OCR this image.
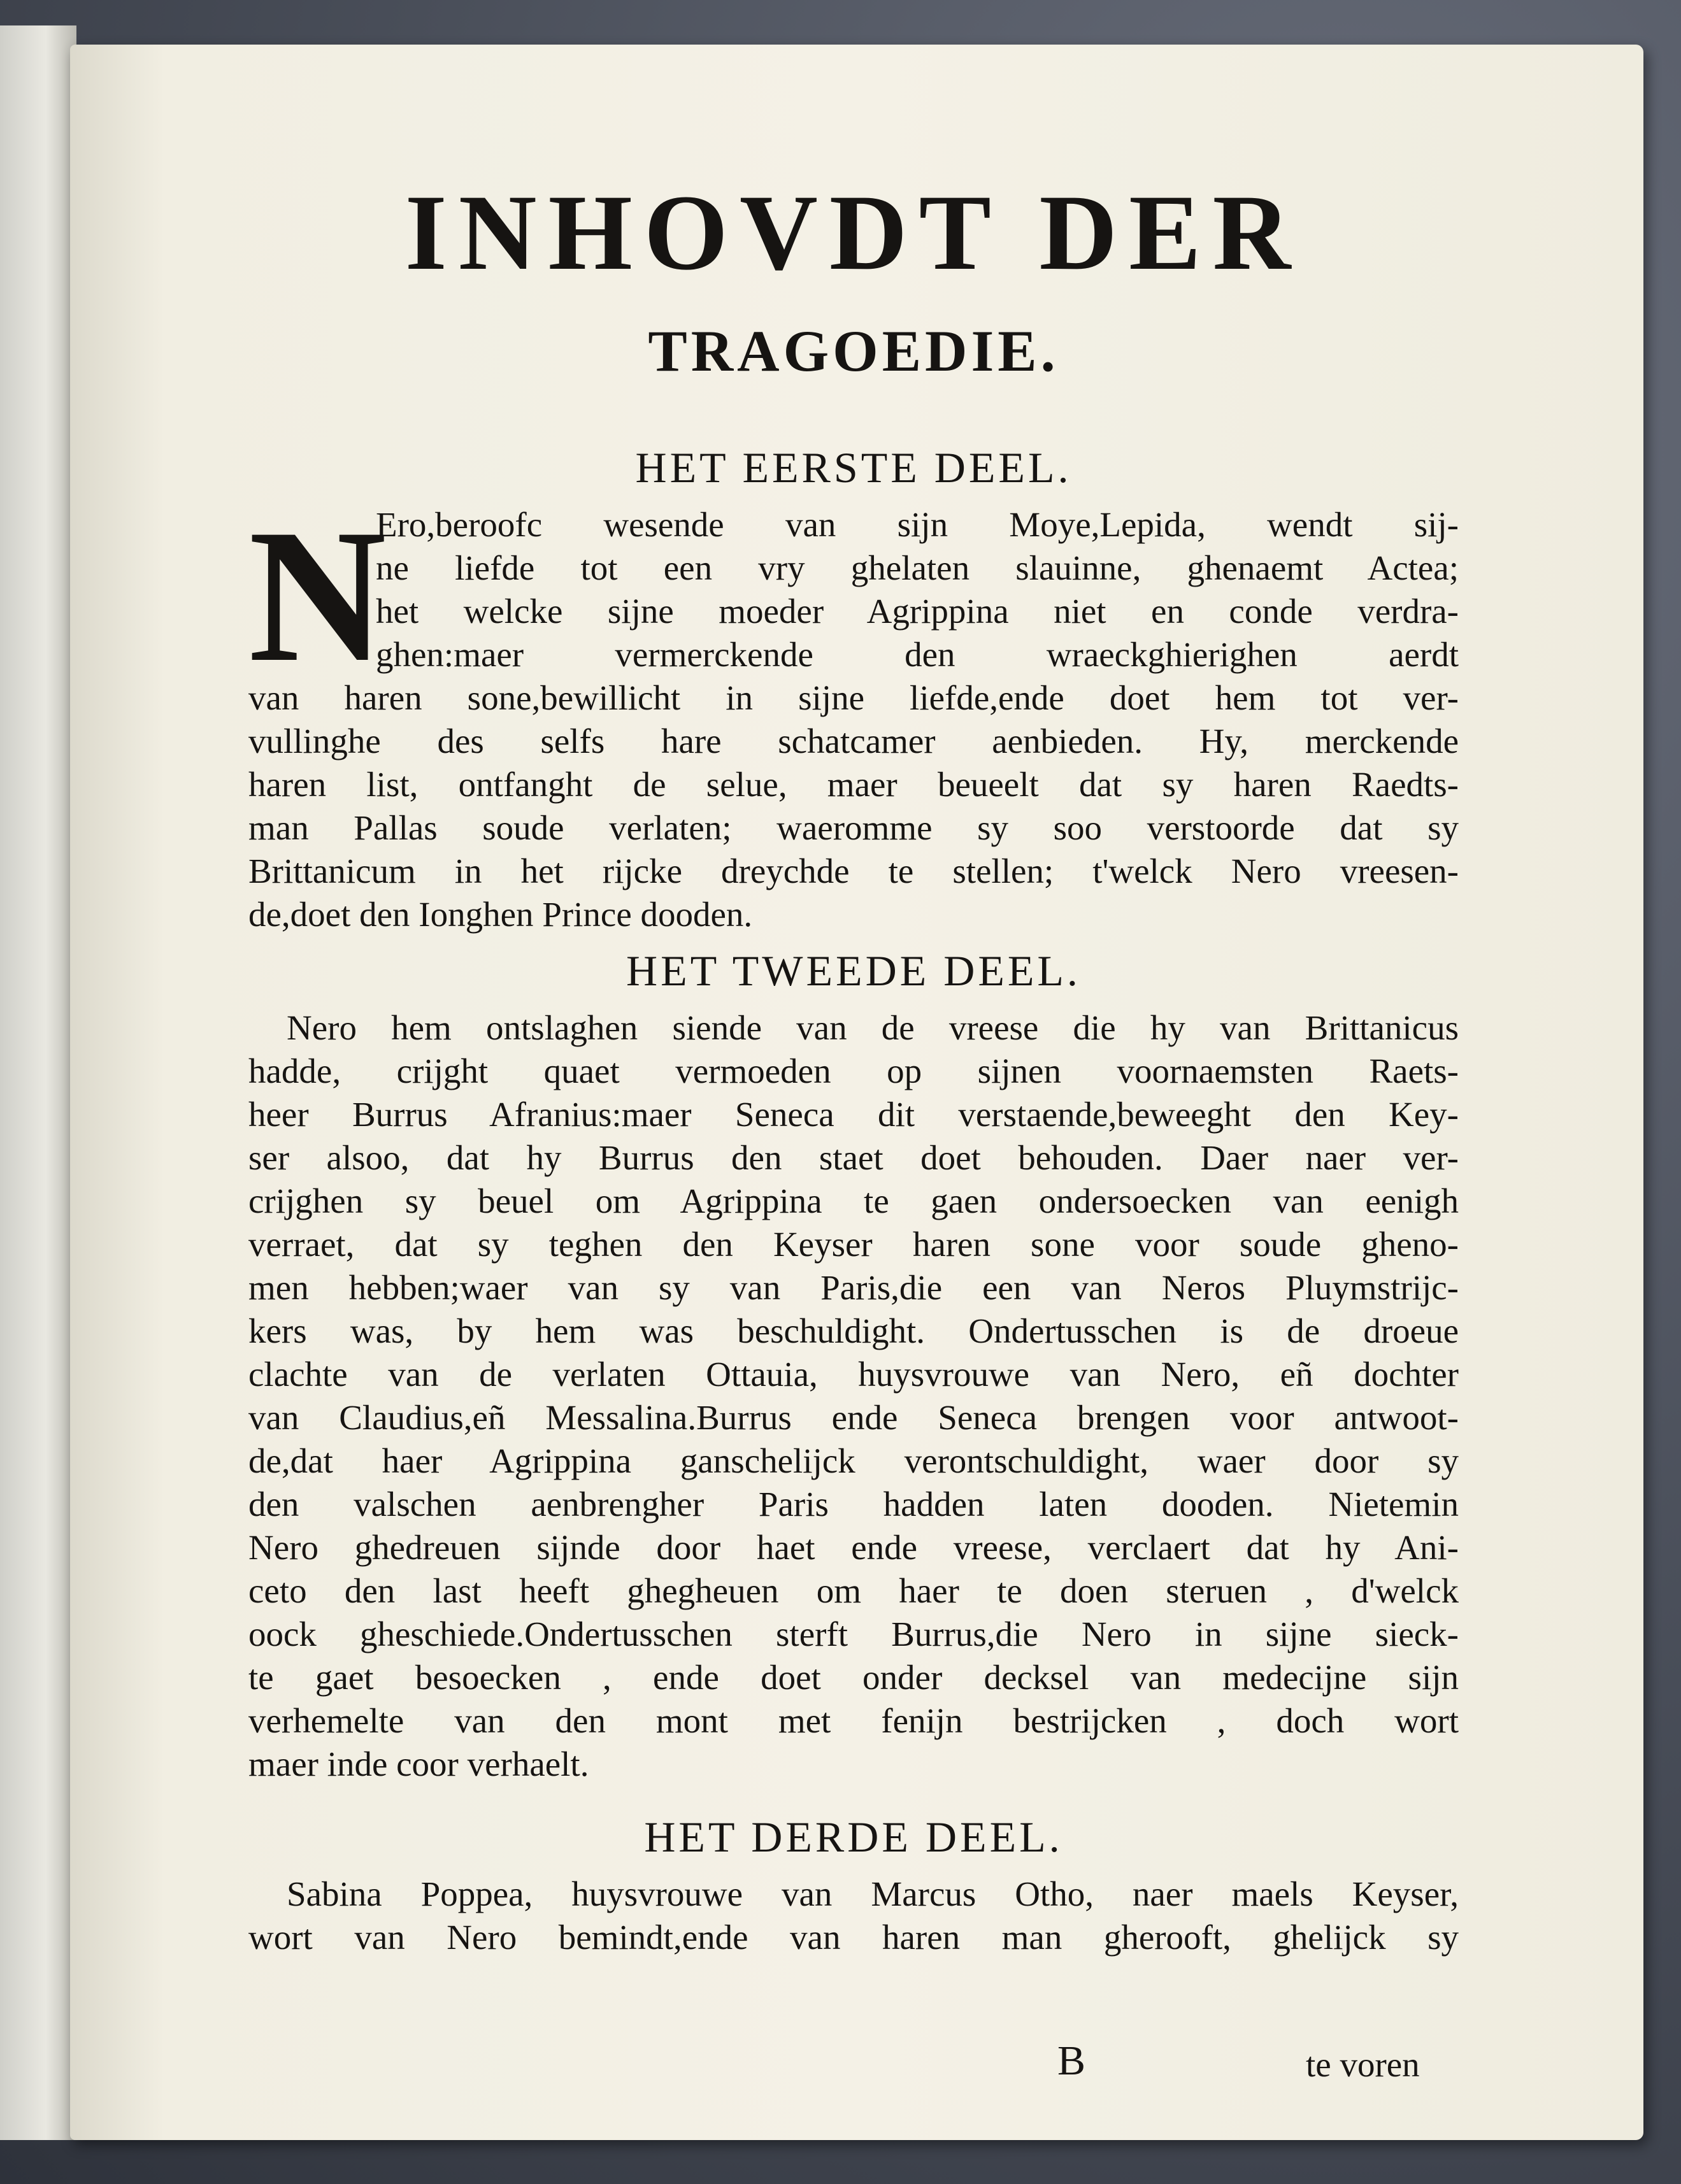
INHOVDT DER
TRAGOEDIE.
HET EERSTE DEEL.
N
Ero,beroofc wesende van sijn Moye,Lepida, wendt sij-
ne liefde tot een vry ghelaten slauinne, ghenaemt Actea;
het welcke sijne moeder Agrippina niet en conde verdra-
ghen:maer vermerckende den wraeckghierighen aerdt
van haren sone,bewillicht in sijne liefde,ende doet hem tot ver-
vullinghe des selfs hare schatcamer aenbieden. Hy, merckende
haren list, ontfanght de selue, maer beueelt dat sy haren Raedts-
man Pallas soude verlaten; waeromme sy soo verstoorde dat sy
Brittanicum in het rijcke dreychde te stellen; t'welck Nero vreesen-
de,doet den Ionghen Prince dooden.
HET TWEEDE DEEL.
Nero hem ontslaghen siende van de vreese die hy van Brittanicus
hadde, crijght quaet vermoeden op sijnen voornaemsten Raets-
heer Burrus Afranius:maer Seneca dit verstaende,beweeght den Key-
ser alsoo, dat hy Burrus den staet doet behouden. Daer naer ver-
crijghen sy beuel om Agrippina te gaen ondersoecken van eenigh
verraet, dat sy teghen den Keyser haren sone voor soude gheno-
men hebben;waer van sy van Paris,die een van Neros Pluymstrijc-
kers was, by hem was beschuldight. Ondertusschen is de droeue
clachte van de verlaten Ottauia, huysvrouwe van Nero, eñ dochter
van Claudius,eñ Messalina.Burrus ende Seneca brengen voor antwoot-
de,dat haer Agrippina ganschelijck verontschuldight, waer door sy
den valschen aenbrengher Paris hadden laten dooden. Nietemin
Nero ghedreuen sijnde door haet ende vreese, verclaert dat hy Ani-
ceto den last heeft ghegheuen om haer te doen steruen , d'welck
oock gheschiede.Ondertusschen sterft Burrus,die Nero in sijne sieck-
te gaet besoecken , ende doet onder decksel van medecijne sijn
verhemelte van den mont met fenijn bestrijcken , doch wort
maer inde coor verhaelt.
HET DERDE DEEL.
Sabina Poppea, huysvrouwe van Marcus Otho, naer maels Keyser,
wort van Nero bemindt,ende van haren man gherooft, ghelijck sy
B	te voren
